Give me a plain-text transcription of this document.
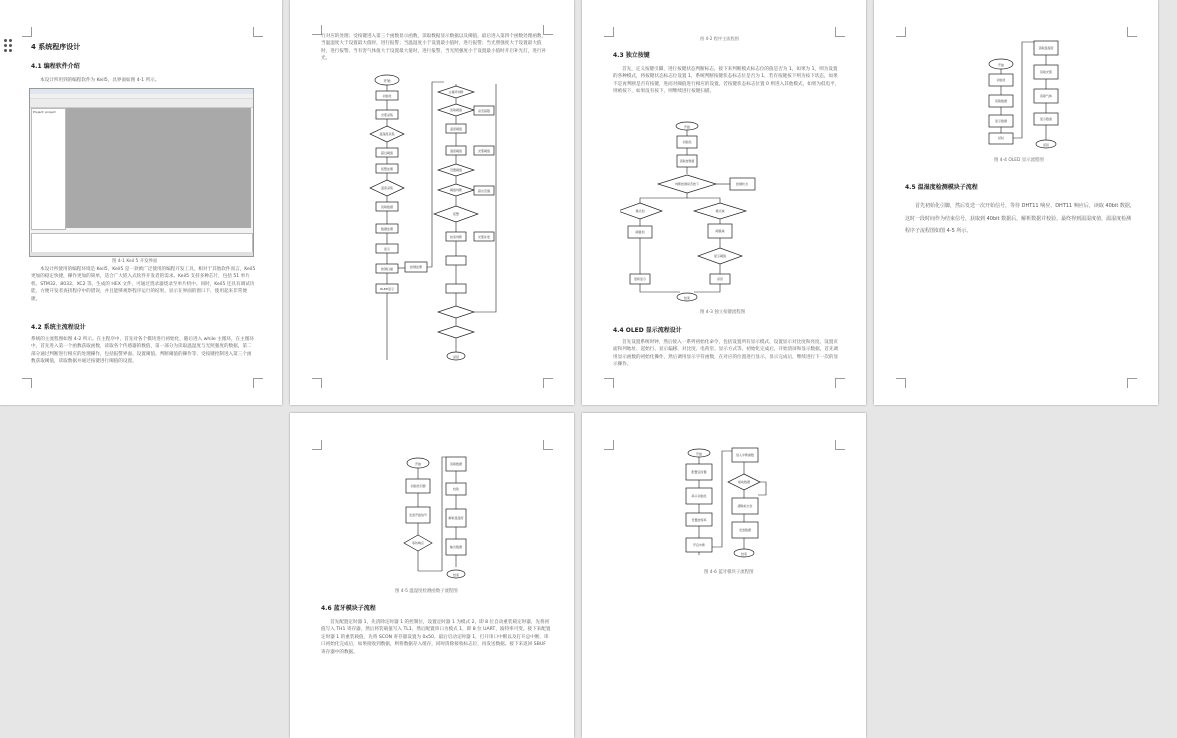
4 系统程序设计
4.1 编程软件介绍
本设计所用到的编程软件为 Keil5，具界面如图 4-1 所示。
Project: project
图 4-1 Keil 5 开发界面
本设计所使用的编程环境是 Keil5，Keil5 是一款被广泛使用的编程开发工具，相对于其他软件而言，Keil5 更加的稳定快捷，操作更加的简单，适合广大嵌入式软件开发者的需求。Keil5 支持多种芯片，包括 51 单片机、STM32、8032、XC2 等。生成的 HEX 文件，可通过烧录器烧录至单片机中。同时，Keil5 还具有调试功能，方便开发者查找程序中的错误，并且能够观察程序运行的结果，显示在界面的窗口下，使用起来非常便捷。
4.2 系统主流程设计
系统的主流程图如图 4-2 所示。在主程序中，首先对各个模块进行初始化，随后进入 while 主循环，在主循环中，首先进入第一个函数获取函数，读取各个传感器的数值，第一部分为读取温湿度与光照强度的数据，第二部分通过判断进行相应的处理操作，包括报警界面、设置阈值、判断阈值的操作等，受按键控制进入第三个函数获取阈值，读取数据并通过按键进行阈值的设置。
行对应的处理；受按键进入第三个函数显示函数，读取数据显示数据以及阈值，最后进入第四个函数处理函数，当温湿度大于设置最大值时，进行报警；当温湿度小于设置最小值时，进行报警；当光照强度大于设置最大值时，进行报警。当有害气体值大于设置最大值时，进行报警，当光照强度小于设置最小值时开启补光灯，进行补光。
开始
初始化
光照采集
温湿度采集
超过阈值
报警处理
温度采集
读取数据
数据处理
显示
按键扫描
OLED显示
按键处理
主循环判断
读取阈值	是否超限
温度阈值
湿度阈值	光照阈值
设置阈值
阈值判断	超出范围
报警
结束判断	光照补偿
返回
图 4-2 程序主流程图
4.3 独立按键
首先，定义按键引脚，进行按键状态判断标志，接下来判断模式标志位的值是否为 1，如果为 1，则为设置的各种模式，将按键状态标志位设置 1，系统判断按键状态标志位是否为 1，若有按键按下则为按下状态，如果不是再判断是否有按键，进而对阈值进行相应的设置。若按键状态标志位置 0 则进入其他模式，如果为低电平，则被按下，如果没有按下，则继续进行按键扫描。
开始
初始化
读取按键值
判断按键是否按下	按键状态
模式加	模式减
阈值加	阈值减
显示阈值
更新显示	返回
结束
图 4-3 独立按键流程图
4.4 OLED 显示流程设计
首先设置系统时钟，然后接入一系列初始化命令，包括设置所有显示模式、设置显示对比度和亮度、设置页面和列地址、起始行、显示偏移、对比度、电荷泵、显示方式等。初始化完成后，开始清屏和显示数据，首先调用显示函数的初始化操作，然后调用显示字符函数，在对应的位置进行显示，显示完成后，继续进行下一次的显示操作。
开始
初始化
读取数据
显示数据
延时
读取温湿度
读取光照
读取气体
显示数值
返回
图 4-4 OLED 显示流程图
4.5 温湿度检测模块子流程
首先初始化引脚，然后发送一次开始信号，等待 DHT11 响应，DHT11 响应后，读取 40bit 数据，这时一段时间作为结束信号，获取到 40bit 数据后，解析数据并校验，最终得到温湿度值，温湿度检测程序子流程图如图 4-5 所示。
开始
初始化引脚
发送开始信号
等待响应
读取数据
校验
解析温湿度
输出数据
结束
图 4-5 温湿度检测函数子流程图
4.6 蓝牙模块子流程
首先配置定时器 1，先清除定时器 1 的控制位，设置定时器 1 为模式 2，即 8 位自动重装载定时器，先将初值写入 TH1 寄存器，然后将装载值写入 TL1，然后配置串口为模式 1，即 8 位 UART，波特率可变。接下来配置定时器 1 的重装载值，先将 SCON 寄存器设置为 0x50，最后启动定时器 1，打开串口中断以及打开总中断，串口初始化完成后，如果接收到数据，则将数据存入缓存，同时清除接收标志位，再发送数据。接下来返回 SBUF 寄存器中的数据。
开始
配置定时器
串口初始化
设置波特率
开启中断
进入中断函数
接收数据
清除标志位
发送数据
结束
图 4-6 蓝牙模块子流程图
